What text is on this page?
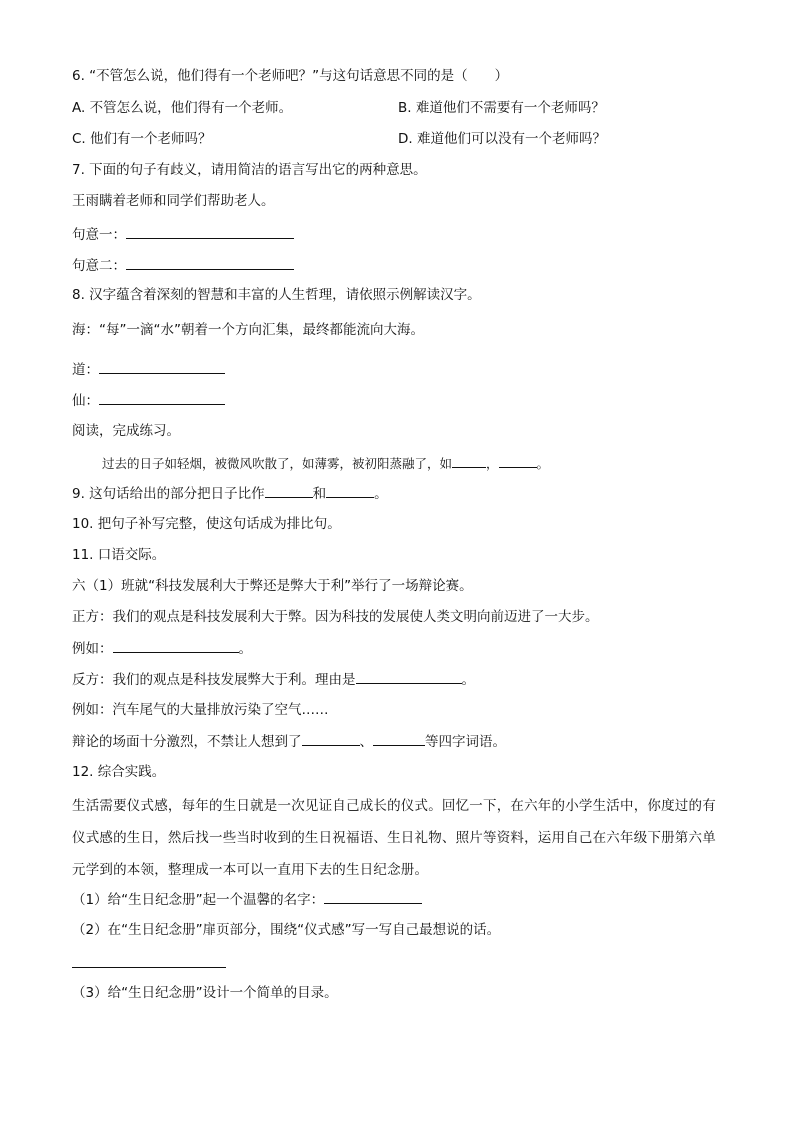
6. “不管怎么说，他们得有一个老师吧？”与这句话意思不同的是（　　）
A. 不管怎么说，他们得有一个老师。	B. 难道他们不需要有一个老师吗？
C. 他们有一个老师吗？	D. 难道他们可以没有一个老师吗？
7. 下面的句子有歧义，请用简洁的语言写出它的两种意思。
王雨瞒着老师和同学们帮助老人。
句意一：
句意二：
8. 汉字蕴含着深刻的智慧和丰富的人生哲理，请依照示例解读汉字。
海：“每”一滴“水”朝着一个方向汇集，最终都能流向大海。
道：
仙：
阅读，完成练习。
过去的日子如轻烟，被微风吹散了，如薄雾，被初阳蒸融了，如	，	。
9. 这句话给出的部分把日子比作	和	。
10. 把句子补写完整，使这句话成为排比句。
11. 口语交际。
六（1）班就“科技发展利大于弊还是弊大于利”举行了一场辩论赛。
正方：我们的观点是科技发展利大于弊。因为科技的发展使人类文明向前迈进了一大步。
例如：	。
反方：我们的观点是科技发展弊大于利。理由是	。
例如：汽车尾气的大量排放污染了空气……
辩论的场面十分激烈，不禁让人想到了	、	等四字词语。
12. 综合实践。
生活需要仪式感，每年的生日就是一次见证自己成长的仪式。回忆一下，在六年的小学生活中，你度过的有仪式感的生日，然后找一些当时收到的生日祝福语、生日礼物、照片等资料，运用自己在六年级下册第六单元学到的本领，整理成一本可以一直用下去的生日纪念册。
（1）给“生日纪念册”起一个温馨的名字：
（2）在“生日纪念册”扉页部分，围绕“仪式感”写一写自己最想说的话。
（3）给“生日纪念册”设计一个简单的目录。
